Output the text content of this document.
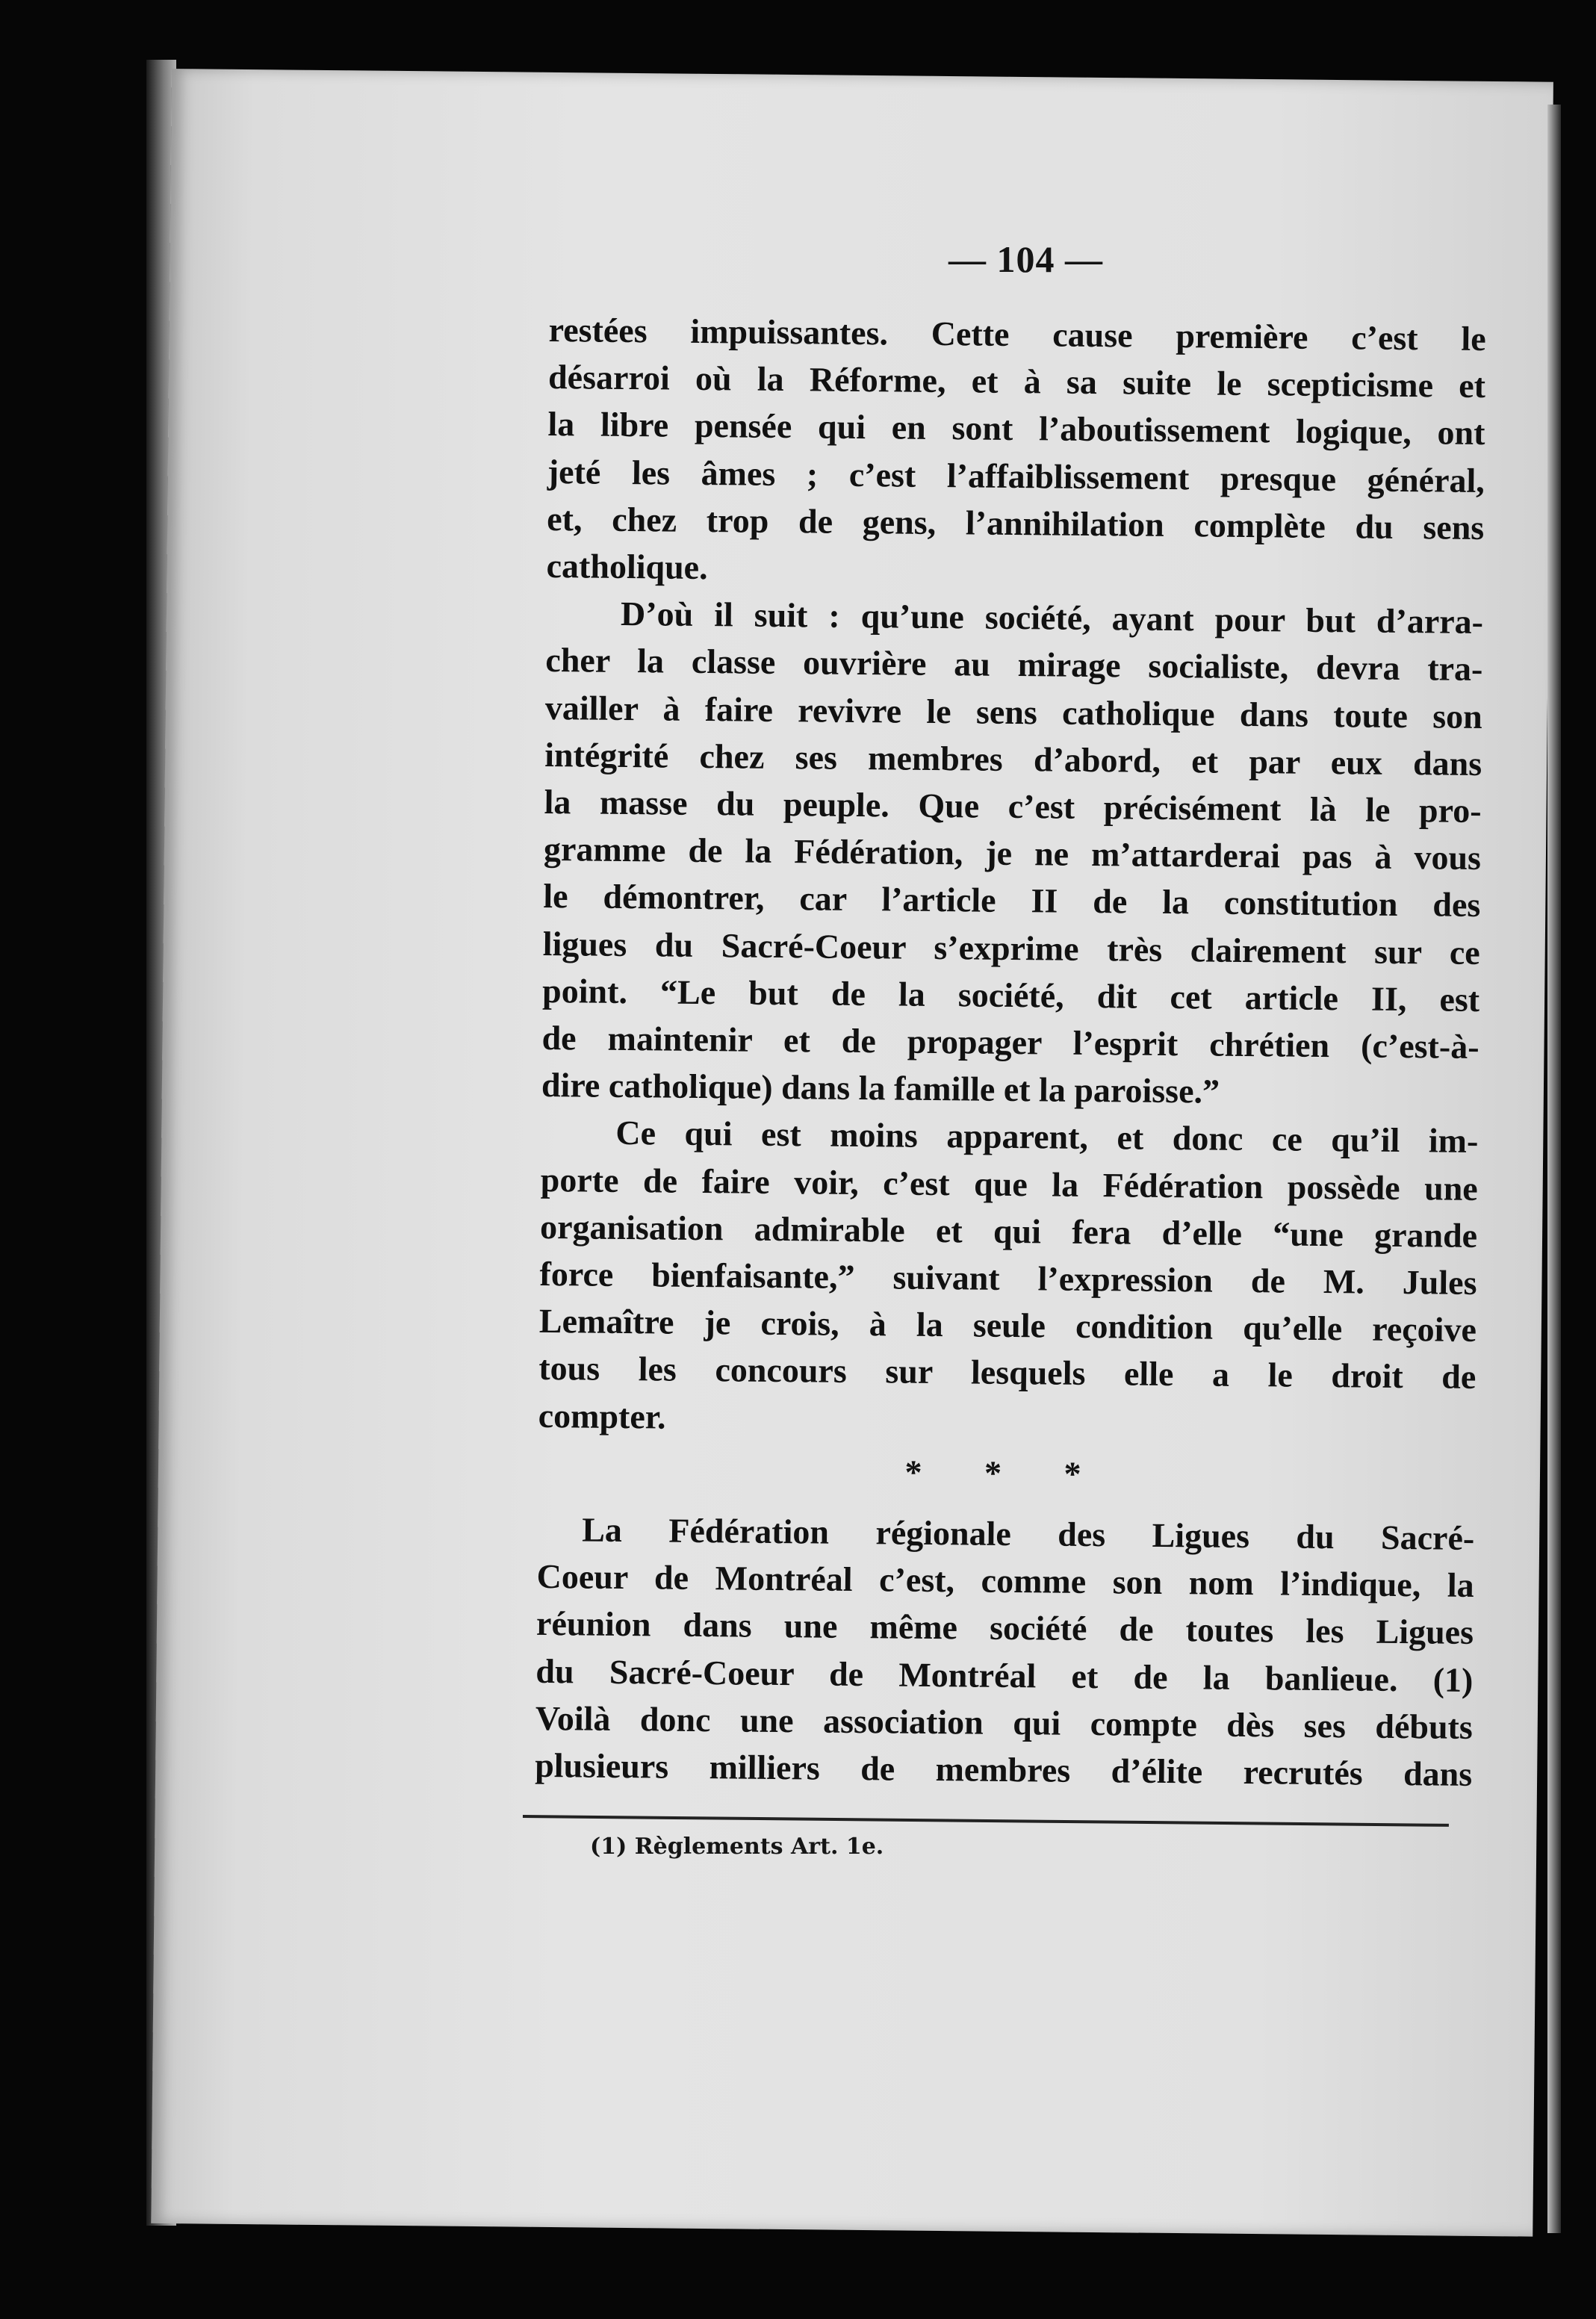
— 104 —
restées impuissantes. Cette cause première c’est le
désarroi où la Réforme, et à sa suite le scepticisme et
la libre pensée qui en sont l’aboutissement logique, ont
jeté les âmes ; c’est l’affaiblissement presque général,
et, chez trop de gens, l’annihilation complète du sens
catholique.
D’où il suit : qu’une société, ayant pour but d’arra-
cher la classe ouvrière au mirage socialiste, devra tra-
vailler à faire revivre le sens catholique dans toute son
intégrité chez ses membres d’abord, et par eux dans
la masse du peuple. Que c’est précisément là le pro-
gramme de la Fédération, je ne m’attarderai pas à vous
le démontrer, car l’article II de la constitution des
ligues du Sacré-Coeur s’exprime très clairement sur ce
point. “Le but de la société, dit cet article II, est
de maintenir et de propager l’esprit chrétien (c’est-à-
dire catholique) dans la famille et la paroisse.”
Ce qui est moins apparent, et donc ce qu’il im-
porte de faire voir, c’est que la Fédération possède une
organisation admirable et qui fera d’elle “une grande
force bienfaisante,” suivant l’expression de M. Jules
Lemaître je crois, à la seule condition qu’elle reçoive
tous les concours sur lesquels elle a le droit de
compter.
* * *
La Fédération régionale des Ligues du Sacré-
Coeur de Montréal c’est, comme son nom l’indique, la
réunion dans une même société de toutes les Ligues
du Sacré-Coeur de Montréal et de la banlieue. (1)
Voilà donc une association qui compte dès ses débuts
plusieurs milliers de membres d’élite recrutés dans
(1) Règlements Art. 1e.
